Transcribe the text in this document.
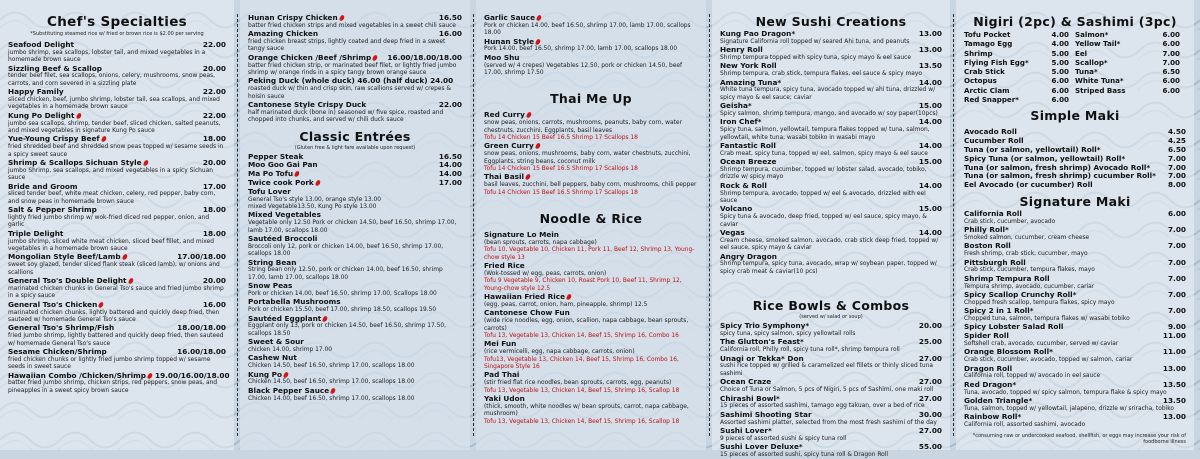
Chef's Specialties
*Substituting steamed rice w/ fried or brown rice is $2.00 per serving
Seafood Delight	22.00
jumbo shrimp, sea scallops, lobster tail, and mixed vegetables in a homemade brown sauce
Sizzling Beef & Scallop	20.00
tender beef filet, sea scallops, onions, celery, mushrooms, snow peas, carrots, and corn severed in a sizzling plate
Happy Family	22.00
sliced chicken, beef, jumbo shrimp, lobster tail, sea scallops, and mixed vegetables in a homemade brown sauce
Kung Po Delight	22.00
jumbo sea scallops, shrimp, tender beef, sliced chicken, salted peanuts, and mixed vegetables in signature Kung Po sauce
Yue-Young Crispy Beef	18.00
fried shredded beef and shredded snow peas topped w/ sesame seeds in a spicy sweet sauce
Shrimp & Scallops Sichuan Style	20.00
jumbo Shrimp, sea scallops, and mixed vegetables in a spicy Sichuan sauce
Bride and Groom	17.00
sliced tender beef, white meat chicken, celery, red pepper, baby corn, and snow peas in homemade brown sauce
Salt & Pepper Shrimp	18.00
lightly fried jumbo shrimp w/ wok-fried diced red pepper, onion, and garlic
Triple Delight	18.00
jumbo shrimp, sliced white meat chicken, sliced beef fillet, and mixed vegetables in a homemade brown sauce
Mongolian Style Beef/Lamb	17.00/18.00
sweet soy glazed, tender sliced flank steak (sliced lamb), w/ onions and scallions
General Tso's Double Delight	20.00
marinated chicken chunks in General Tso's sauce and fried jumbo shrimp in a spicy sauce
General Tso's Chicken	16.00
marinated chicken chunks, lightly battered and quickly deep fried, then sauteed w/ homemade General Tso's sauce
General Tso's Shrimp/Fish	18.00/18.00
fried jumbo shrimp, lightly battered and quickly deep fried, then sauteed w/ homemade General Tso's sauce
Sesame Chicken/Shrimp	16.00/18.00
fried chicken chunks or lightly fried jumbo shrimp topped w/ sesame seeds in sweet sauce
Hawaiian Combo /Chicken/Shrimp	19.00/16.00/18.00
batter fried jumbo shrimp, chicken strips, red peppers, snow peas, and pineapples in a sweet spicy brown sauce
Hunan Crispy Chicken	16.50
batter fried chicken strips and mixed vegetables in a sweet chili sauce
Amazing Chicken	16.00
fried chicken breast strips, lightly coated and deep fried in a sweet tangy sauce
Orange Chicken /Beef /Shrimp	16.00/18.00/18.00
batter fried chicken strip, or marinated beef filet, or lightly fried jumbo shrimp w/ orange rinds in a spicy tangy brown orange sauce
Peking Duck (whole duck) 46.00 (half duck) 24.00
roasted duck w/ thin and crisp skin, raw scallions served w/ crepes & hoisin sauce
Cantonese Style Crispy Duck	22.00
half marinated duck (bone in) seasoned w/ five spice, roasted and chopped into chunks, and served w/ chili duck sauce
Classic Entrées
(Gluten free & light fare available upon request)
Pepper Steak	16.50
Moo Goo Gai Pan	14.00
Ma Po Tofu	14.00
Twice cook Pork	17.00
Tofu Lover
General Tso's style 13.00, orange style 13.00
mixed Vegetable13.50, Kung Po style 13.00
Mixed Vegetables
Vegetable only 12.50 Pork or chicken 14.50, beef 16.50, shrimp 17.00, lamb 17.00, scallops 18.00
Sautéed Broccoli
Broccoli only 12, pork or chicken 14.00, beef 16.50, shrimp 17.00, scallops 18.00
String Bean
String bean only 12.50, pork or chicken 14.00, beef 16.50, shrimp 17.00, lamb 17.00, scallops 18.00
Snow Peas
Pork or chicken 14.00, beef 16.50, shrimp 17.00, Scallops 18.00
Portabella Mushrooms
Pork or chicken 15.50, beef 17.00, shrimp 18.50, scallops 19.50
Sautéed Eggplant
Eggplant only 13, pork or chicken 14.50, beef 16.50, shrimp 17.50, scallops 18.50
Sweet & Sour
chicken 14.00, shrimp 17.00
Cashew Nut
Chicken 14.50, beef 16.50, shrimp 17.00, scallops 18.00
Kung Po
Chicken 14.50, beef 16.50, shrimp 17.00, scallops 18.00
Black Pepper Sauce
Chicken 14.00, beef 16.50, shrimp 17.00, scallops 18.00
Garlic Sauce
Pork or chicken 14.00, beef 16.50, shrimp 17.00, lamb 17.00, scallops 18.00
Hunan Style
Pork 14.00, beef 16.50, shrimp 17.00, lamb 17.00, scallops 18.00
Moo Shu
(served w/ 4 crepes) Vegetables 12.50, pork or chicken 14.50, beef 17.00, shrimp 17.50
Thai Me Up
Red Curry
snow peas, onions, carrots, mushrooms, peanuts, baby corn, water chestnuts, zucchini, Eggplants, basil leaves
Tofu 14 Chicken 15 Beef 16.5 Shrimp 17 Scallops 18
Green Curry
snow peas, onions, mushrooms, baby corn, water chestnuts, zucchini, Eggplants, string beans, coconut milk
Tofu 14 Chicken 15 Beef 16.5 Shrimp 17 Scallops 18
Thai Basil
basil leaves, zucchini, bell peppers, baby corn, mushrooms, chili pepper
Tofu 14 Chicken 15 Beef 16.5 Shrimp 17 Scallops 18
Noodle & Rice
Signature Lo Mein
(bean sprouts, carrots, napa cabbage)
Tofu 10, Vegetable 10, Chicken 11, Pork 11, Beef 12, Shrimp 13, Young-chow style 13
Fried Rice
(Wok-tossed w/ egg, peas, carrots, onion)
Tofu 9 Vegetable 9, Chicken 10, Roast Pork 10, Beef 11, Shrimp 12, Young-chow style 12.5
Hawaiian Fried Rice
(egg, peas, carrot, onion, ham, pineapple, shrimp) 12.5
Cantonese Chow Fun
(wide rice noodles, egg, onion, scallion, napa cabbage, bean sprouts, carrots)
Tofu 13, Vegetable 13, Chicken 14, Beef 15, Shrimp 16, Combo 16
Mei Fun
(rice vermicelli, egg, napa cabbage, carrots, onion)
Tofu13, Vegetable 13, Chicken 14, Beef 15, Shrimp 16, Combo 16, Singapore Style 16
Pad Thai
(stir fried flat rice noodles, bean sprouts, carrots, egg, peanuts)
Tofu 13, Vegetable 13, Chicken 14, Beef 15, Shrimp 16, Scallop 18
Yaki Udon
(thick, smooth, white noodles w/ bean sprouts, carrot, napa cabbage, mushroom)
Tofu 13, Vegetable 13, Chicken 14, Beef 15, Shrimp 16, Scallop 18
New Sushi Creations
Kung Pao Dragon*	13.00
Signature California roll topped w/ seared Ahi tuna, and peanuts
Henry Roll	13.00
Shrimp tempura topped with spicy tuna, spicy mayo & eel sauce
New York Roll	13.50
Shrimp tempura, crab stick, tempura flakes, eel sauce & spicy mayo
Amazing Tuna*	14.00
White tuna tempura, spicy tuna, avocado topped w/ ahi tuna, drizzled w/ spicy mayo & eel sauce; caviar
Geisha*	15.00
Spicy salmon, shrimp tempura, mango, and avocado w/ soy paper(10pcs)
Iron Chef*	14.00
Spicy tuna, salmon, yellowtail, tempura flakes topped w/ tuna, salmon, yellowtail, white tuna, wasabi tobiko in wasabi mayo
Fantastic Roll	14.00
Crab meat, spicy tuna, topped w/ eel, salmon, spicy mayo & eel sauce
Ocean Breeze	15.00
Shrimp tempura, cucumber, topped w/ lobster salad, avocado, tobiko, drizzle w/ spicy mayo
Rock & Roll	14.00
Shrimp tempura, avocado, topped w/ eel & avocado, drizzled with eel sauce
Volcano	15.00
Spicy tuna & avocado, deep fried, topped w/ eel sauce, spicy mayo, & caviar
Vegas	14.00
Cream cheese, smoked salmon, avocado, crab stick deep fried, topped w/ eel sauce, spicy mayo & caviar
Angry Dragon
Shrimp tempura, spicy tuna, avocado, wrap w/ soybean paper, topped w/ spicy crab meat & caviar(10 pcs)
Rice Bowls & Combos
(served w/ salad or soup)
Spicy Trio Symphony*	20.00
spicy tuna, spicy salmon, spicy yellowtail rolls
The Glutton's Feast*	25.00
California roll, Philly roll, spicy tuna roll*, shrimp tempura roll
Unagi or Tekka* Don	27.00
sushi rice topped w/ grilled & caramelized eel fillets or thinly sliced tuna sashimi
Ocean Craze	27.00
Choice of Tuna or Salmon, 5 pcs of Nigiri, 5 pcs of Sashimi, one maki roll
Chirashi Bowl*	27.00
15 pieces of assorted sashimi, tamago egg takuan, over a bed of rice
Sashimi Shooting Star	30.00
Assorted sashimi platter, selected from the most fresh sashimi of the day
Sushi Lover*	27.00
9 pieces of assorted sushi & spicy tuna roll
Sushi Lover Deluxe*	55.00
15 pieces of assorted sushi, spicy tuna roll & Dragon Roll
Nigiri (2pc) & Sashimi (3pc)
Tofu Pocket	4.00 Salmon*	6.00
Tamago Egg	4.00 Yellow Tail*	6.00
Shrimp	5.00 Eel	7.00
Flying Fish Egg*	5.00 Scallop*	7.00
Crab Stick	5.00 Tuna*	6.50
Octopus	6.00 White Tuna*	6.00
Arctic Clam	6.00 Striped Bass	6.00
Red Snapper*	6.00
Simple Maki
Avocado Roll	4.50
Cucumber Roll	4.25
Tuna (or salmon, yellowtail) Roll*	6.50
Spicy Tuna (or salmon, yellowtail) Roll*	7.00
Tuna (or salmon, fresh shrimp) Avocado Roll*	7.00
Tuna (or salmon, fresh shrimp) cucumber Roll*	7.00
Eel Avocado (or cucumber) Roll	8.00
Signature Maki
California Roll	6.00
Crab stick, cucumber, avocado
Philly Roll*	7.00
Smoked salmon, cucumber, cream cheese
Boston Roll	7.00
Fresh shrimp, crab stick, cucumber, mayo
Pittsburgh Roll	7.00
Crab stick, cucumber, tempura flakes, mayo
Shrimp Tempura Roll	7.00
Tempura shrimp, avocado, cucumber, cariar
Spicy Scallop Crunchy Roll*	7.00
Chopped fresh scallop, tempura flakes, spicy mayo
Spicy 2 in 1 Roll*	7.00
Chopped tuna, salmon, tempura flakes w/ wasabi tobiko
Spicy Lobster Salad Roll	9.00
Spider Roll	11.00
Softshell crab, avocado, cucumber, served w/ caviar
Orange Blossom Roll*	11.00
Crab stick, cucumber, avocado, topped w/ salmon, cariar
Dragon Roll	13.00
California roll, topped w/ avocado in eel sauce
Red Dragon*	13.50
Tuna, avocado, topped w/ spicy salmon, tempura flake & spicy mayo
Golden Triangle*	13.50
Tuna, salmon, topped w/ yellowtail, jalapeno, drizzle w/ sriracha, tobiko
Rainbow Roll*	13.00
California roll, assorted sashimi, avocado
*consuming raw or undercooked seafood, shellfish, or eggs may increase your risk of foodborne illness
